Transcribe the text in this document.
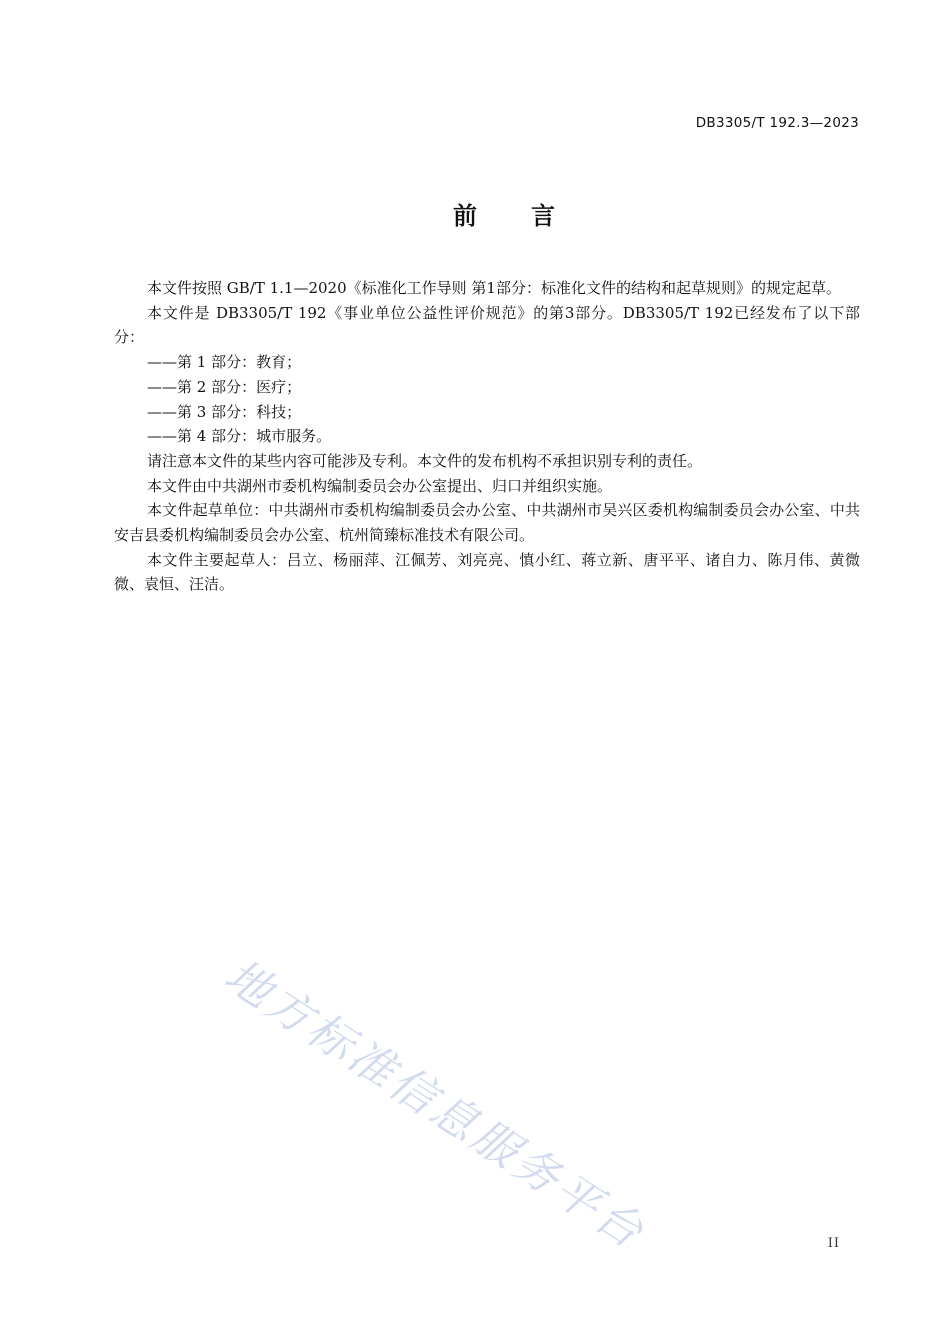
DB3305/T 192.3—2023
前 言

本文件按照 GB/T 1.1—2020《标准化工作导则 第1部分：标准化文件的结构和起草规则》的规定起草。

本文件是 DB3305/T 192《事业单位公益性评价规范》的第3部分。DB3305/T 192已经发布了以下部分：

——第 1 部分：教育；

——第 2 部分：医疗；

——第 3 部分：科技；

——第 4 部分：城市服务。

请注意本文件的某些内容可能涉及专利。本文件的发布机构不承担识别专利的责任。

本文件由中共湖州市委机构编制委员会办公室提出、归口并组织实施。

本文件起草单位：中共湖州市委机构编制委员会办公室、中共湖州市吴兴区委机构编制委员会办公室、中共安吉县委机构编制委员会办公室、杭州简臻标准技术有限公司。

本文件主要起草人：吕立、杨丽萍、江佩芳、刘亮亮、慎小红、蒋立新、唐平平、诸自力、陈月伟、黄微微、袁恒、汪洁。

地方标准信息服务平台	II
